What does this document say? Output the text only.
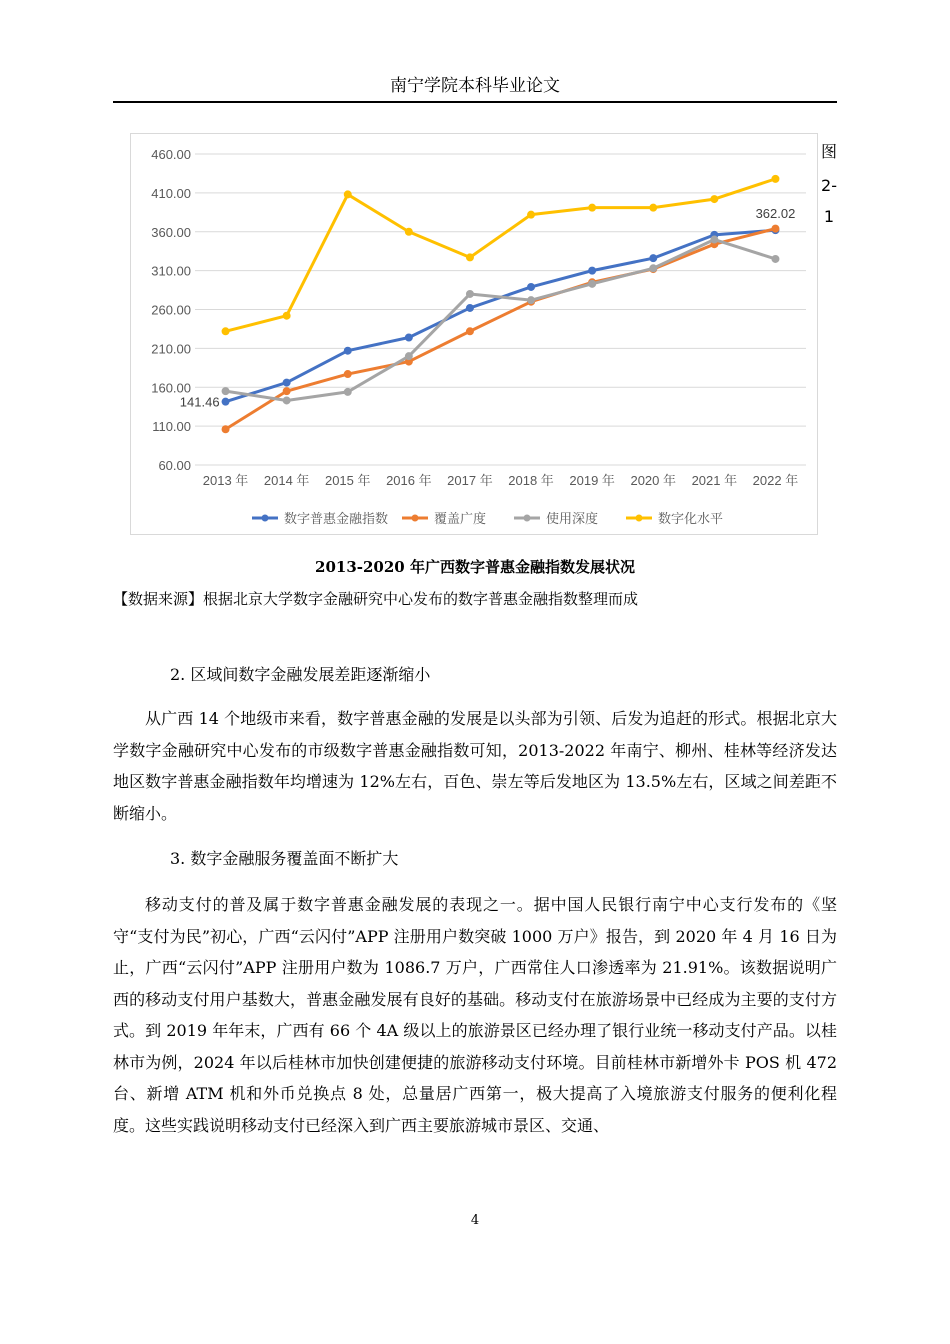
南宁学院本科毕业论文
60.00
110.00
160.00
210.00
260.00
310.00
360.00
410.00
460.00
2013 年 2014 年 2015 年 2016 年 2017 年 2018 年 2019 年 2020 年 2021 年 2022 年
141.46
362.02
数字普惠金融指数	覆盖广度	使用深度	数字化水平
图
2-
1
2013-2020 年广西数字普惠金融指数发展状况
【数据来源】根据北京大学数字金融研究中心发布的数字普惠金融指数整理而成
2. 区域间数字金融发展差距逐渐缩小

从广西 14 个地级市来看，数字普惠金融的发展是以头部为引领、后发为追赶的形式。根据北京大学数字金融研究中心发布的市级数字普惠金融指数可知，2013-2022 年南宁、柳州、桂林等经济发达地区数字普惠金融指数年均增速为 12%左右，百色、崇左等后发地区为 13.5%左右，区域之间差距不断缩小。

3. 数字金融服务覆盖面不断扩大

移动支付的普及属于数字普惠金融发展的表现之一。据中国人民银行南宁中心支行发布的《坚守“支付为民”初心，广西“云闪付”APP 注册用户数突破 1000 万户》报告，到 2020 年 4 月 16 日为止，广西“云闪付”APP 注册用户数为 1086.7 万户，广西常住人口渗透率为 21.91%。该数据说明广西的移动支付用户基数大，普惠金融发展有良好的基础。移动支付在旅游场景中已经成为主要的支付方式。到 2019 年年末，广西有 66 个 4A 级以上的旅游景区已经办理了银行业统一移动支付产品。以桂林市为例，2024 年以后桂林市加快创建便捷的旅游移动支付环境。目前桂林市新增外卡 POS 机 472 台、新增 ATM 机和外币兑换点 8 处，总量居广西第一，极大提高了入境旅游支付服务的便利化程度。这些实践说明移动支付已经深入到广西主要旅游城市景区、交通、

4
